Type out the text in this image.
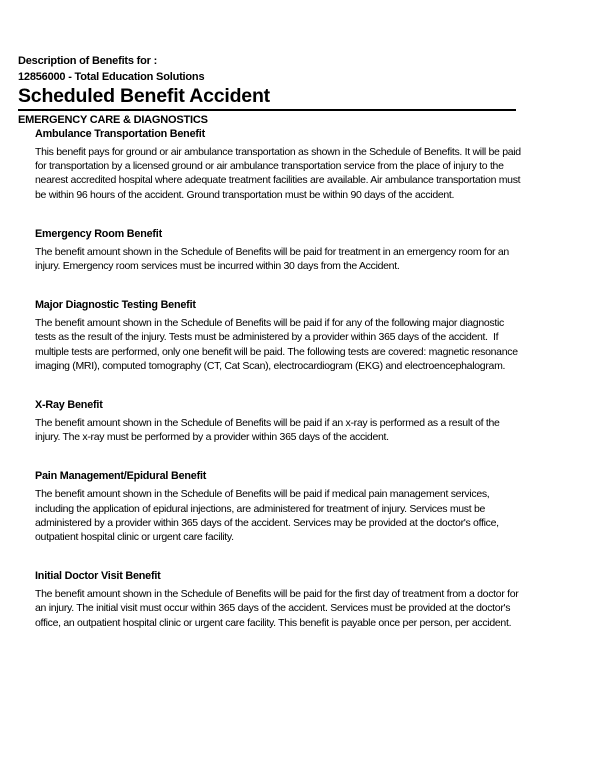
Description of Benefits for :
12856000 - Total Education Solutions
Scheduled Benefit Accident
EMERGENCY CARE & DIAGNOSTICS
Ambulance Transportation Benefit

This benefit pays for ground or air ambulance transportation as shown in the Schedule of Benefits. It will be paid for transportation by a licensed ground or air ambulance transportation service from the place of injury to the nearest accredited hospital where adequate treatment facilities are available. Air ambulance transportation must be within 96 hours of the accident. Ground transportation must be within 90 days of the accident.

Emergency Room Benefit

The benefit amount shown in the Schedule of Benefits will be paid for treatment in an emergency room for an injury. Emergency room services must be incurred within 30 days from the Accident.

Major Diagnostic Testing Benefit

The benefit amount shown in the Schedule of Benefits will be paid if for any of the following major diagnostic tests as the result of the injury. Tests must be administered by a provider within 365 days of the accident.  If multiple tests are performed, only one benefit will be paid. The following tests are covered: magnetic resonance imaging (MRI), computed tomography (CT, Cat Scan), electrocardiogram (EKG) and electroencephalogram.

X-Ray Benefit

The benefit amount shown in the Schedule of Benefits will be paid if an x-ray is performed as a result of the injury. The x-ray must be performed by a provider within 365 days of the accident.

Pain Management/Epidural Benefit

The benefit amount shown in the Schedule of Benefits will be paid if medical pain management services, including the application of epidural injections, are administered for treatment of injury. Services must be administered by a provider within 365 days of the accident. Services may be provided at the doctor's office, outpatient hospital clinic or urgent care facility.

Initial Doctor Visit Benefit

The benefit amount shown in the Schedule of Benefits will be paid for the first day of treatment from a doctor for an injury. The initial visit must occur within 365 days of the accident. Services must be provided at the doctor's office, an outpatient hospital clinic or urgent care facility. This benefit is payable once per person, per accident.
